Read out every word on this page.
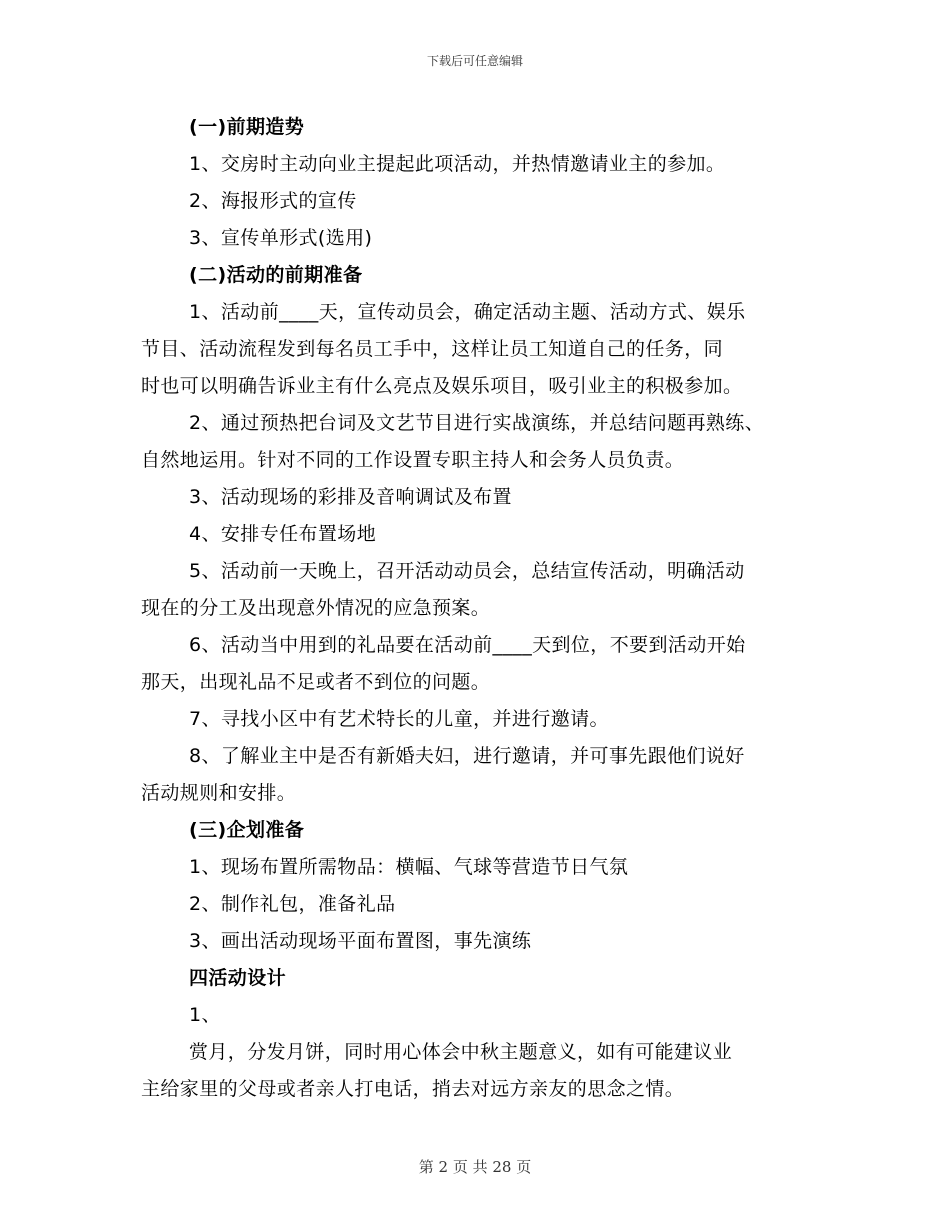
下载后可任意编辑
(一)前期造势
1、交房时主动向业主提起此项活动，并热情邀请业主的参加。
2、海报形式的宣传
3、宣传单形式(选用)
(二)活动的前期准备
1、活动前____天，宣传动员会，确定活动主题、活动方式、娱乐
节目、活动流程发到每名员工手中，这样让员工知道自己的任务，同
时也可以明确告诉业主有什么亮点及娱乐项目，吸引业主的积极参加。
2、通过预热把台词及文艺节目进行实战演练，并总结问题再熟练、
自然地运用。针对不同的工作设置专职主持人和会务人员负责。
3、活动现场的彩排及音响调试及布置
4、安排专任布置场地
5、活动前一天晚上，召开活动动员会，总结宣传活动，明确活动
现在的分工及出现意外情况的应急预案。
6、活动当中用到的礼品要在活动前____天到位，不要到活动开始
那天，出现礼品不足或者不到位的问题。
7、寻找小区中有艺术特长的儿童，并进行邀请。
8、了解业主中是否有新婚夫妇，进行邀请，并可事先跟他们说好
活动规则和安排。
(三)企划准备
1、现场布置所需物品：横幅、气球等营造节日气氛
2、制作礼包，准备礼品
3、画出活动现场平面布置图，事先演练
四活动设计
1、
赏月，分发月饼，同时用心体会中秋主题意义，如有可能建议业
主给家里的父母或者亲人打电话，捎去对远方亲友的思念之情。
第 2 页 共 28 页
